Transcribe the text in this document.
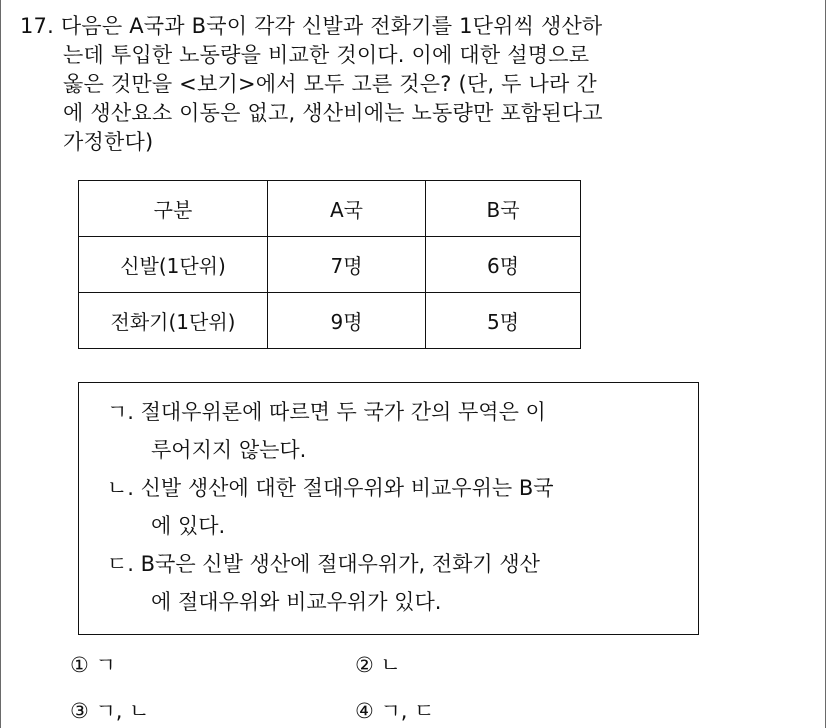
17. 다음은 A국과 B국이 각각 신발과 전화기를 1단위씩 생산하
는데 투입한 노동량을 비교한 것이다. 이에 대한 설명으로
옳은 것만을 <보기>에서 모두 고른 것은? (단, 두 나라 간
에 생산요소 이동은 없고, 생산비에는 노동량만 포함된다고
가정한다)
구분	A국	B국
신발(1단위)	7명	6명
전화기(1단위)	9명	5명
ㄱ. 절대우위론에 따르면 두 국가 간의 무역은 이
루어지지 않는다.
ㄴ. 신발 생산에 대한 절대우위와 비교우위는 B국
에 있다.
ㄷ. B국은 신발 생산에 절대우위가, 전화기 생산
에 절대우위와 비교우위가 있다.
① ㄱ	② ㄴ
③ ㄱ, ㄴ	④ ㄱ, ㄷ
